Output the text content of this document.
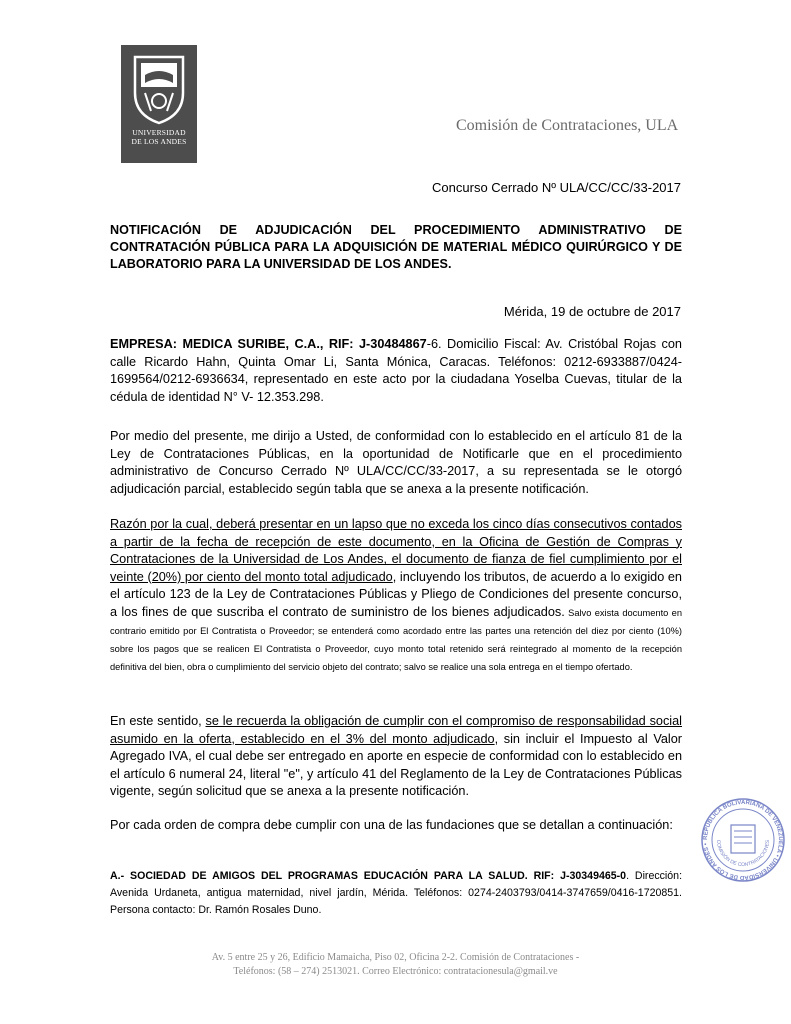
UNIVERSIDAD
DE LOS ANDES
Comisión de Contrataciones, ULA
Concurso Cerrado Nº ULA/CC/CC/33-2017
NOTIFICACIÓN DE ADJUDICACIÓN DEL PROCEDIMIENTO ADMINISTRATIVO DE CONTRATACIÓN PÚBLICA PARA LA ADQUISICIÓN DE MATERIAL MÉDICO QUIRÚRGICO Y DE LABORATORIO PARA LA UNIVERSIDAD DE LOS ANDES.
Mérida, 19 de octubre de 2017
EMPRESA: MEDICA SURIBE, C.A., RIF: J-30484867-6. Domicilio Fiscal: Av. Cristóbal Rojas con calle Ricardo Hahn, Quinta Omar Li, Santa Mónica, Caracas. Teléfonos: 0212-6933887/0424-1699564/0212-6936634, representado en este acto por la ciudadana Yoselba Cuevas, titular de la cédula de identidad N° V- 12.353.298.
Por medio del presente, me dirijo a Usted, de conformidad con lo establecido en el artículo 81 de la Ley de Contrataciones Públicas, en la oportunidad de Notificarle que en el procedimiento administrativo de Concurso Cerrado Nº ULA/CC/CC/33-2017, a su representada se le otorgó adjudicación parcial, establecido según tabla que se anexa a la presente notificación.
Razón por la cual, deberá presentar en un lapso que no exceda los cinco días consecutivos contados a partir de la fecha de recepción de este documento, en la Oficina de Gestión de Compras y Contrataciones de la Universidad de Los Andes, el documento de fianza de fiel cumplimiento por el veinte (20%) por ciento del monto total adjudicado, incluyendo los tributos, de acuerdo a lo exigido en el artículo 123 de la Ley de Contrataciones Públicas y Pliego de Condiciones del presente concurso, a los fines de que suscriba el contrato de suministro de los bienes adjudicados. Salvo exista documento en contrario emitido por El Contratista o Proveedor; se entenderá como acordado entre las partes una retención del diez por ciento (10%) sobre los pagos que se realicen El Contratista o Proveedor, cuyo monto total retenido será reintegrado al momento de la recepción definitiva del bien, obra o cumplimiento del servicio objeto del contrato; salvo se realice una sola entrega en el tiempo ofertado.
En este sentido, se le recuerda la obligación de cumplir con el compromiso de responsabilidad social asumido en la oferta, establecido en el 3% del monto adjudicado, sin incluir el Impuesto al Valor Agregado IVA, el cual debe ser entregado en aporte en especie de conformidad con lo establecido en el artículo 6 numeral 24, literal "e", y artículo 41 del Reglamento de la Ley de Contrataciones Públicas vigente, según solicitud que se anexa a la presente notificación.
Por cada orden de compra debe cumplir con una de las fundaciones que se detallan a continuación:
A.- SOCIEDAD DE AMIGOS DEL PROGRAMAS EDUCACIÓN PARA LA SALUD. RIF: J-30349465-0. Dirección: Avenida Urdaneta, antigua maternidad, nivel jardín, Mérida. Teléfonos: 0274-2403793/0414-3747659/0416-1720851. Persona contacto: Dr. Ramón Rosales Duno.
REPÚBLICA BOLIVARIANA DE VENEZUELA • UNIVERSIDAD DE LOS ANDES •
COMISIÓN DE CONTRATACIONES
Av. 5 entre 25 y 26, Edificio Mamaicha, Piso 02, Oficina 2-2. Comisión de Contrataciones -
Teléfonos: (58 – 274) 2513021. Correo Electrónico: contratacionesula@gmail.ve
